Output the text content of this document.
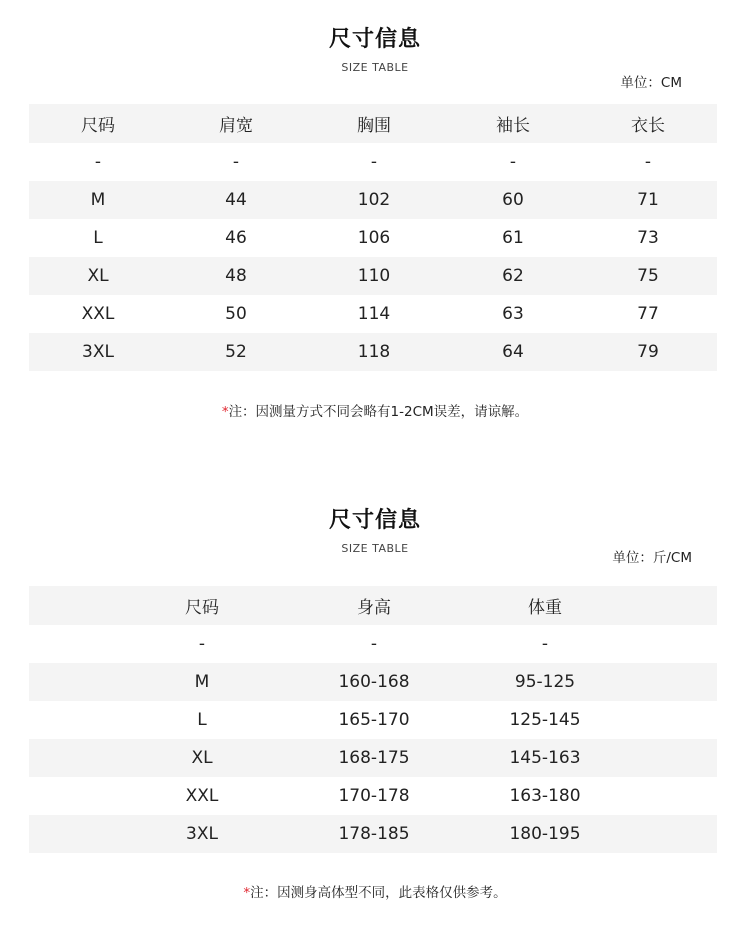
尺寸信息
SIZE TABLE
单位：CM
尺码	肩宽	胸围	袖长	衣长
-	-	-	-	-
M	44	102	60	71
L	46	106	61	73
XL	48	110	62	75
XXL	50	114	63	77
3XL	52	118	64	79
*注：因测量方式不同会略有1-2CM误差，请谅解。
尺寸信息
SIZE TABLE
单位：斤/CM
尺码	身高	体重
-	-	-
M	160-168	95-125
L	165-170	125-145
XL	168-175	145-163
XXL	170-178	163-180
3XL	178-185	180-195
*注：因测身高体型不同，此表格仅供参考。
